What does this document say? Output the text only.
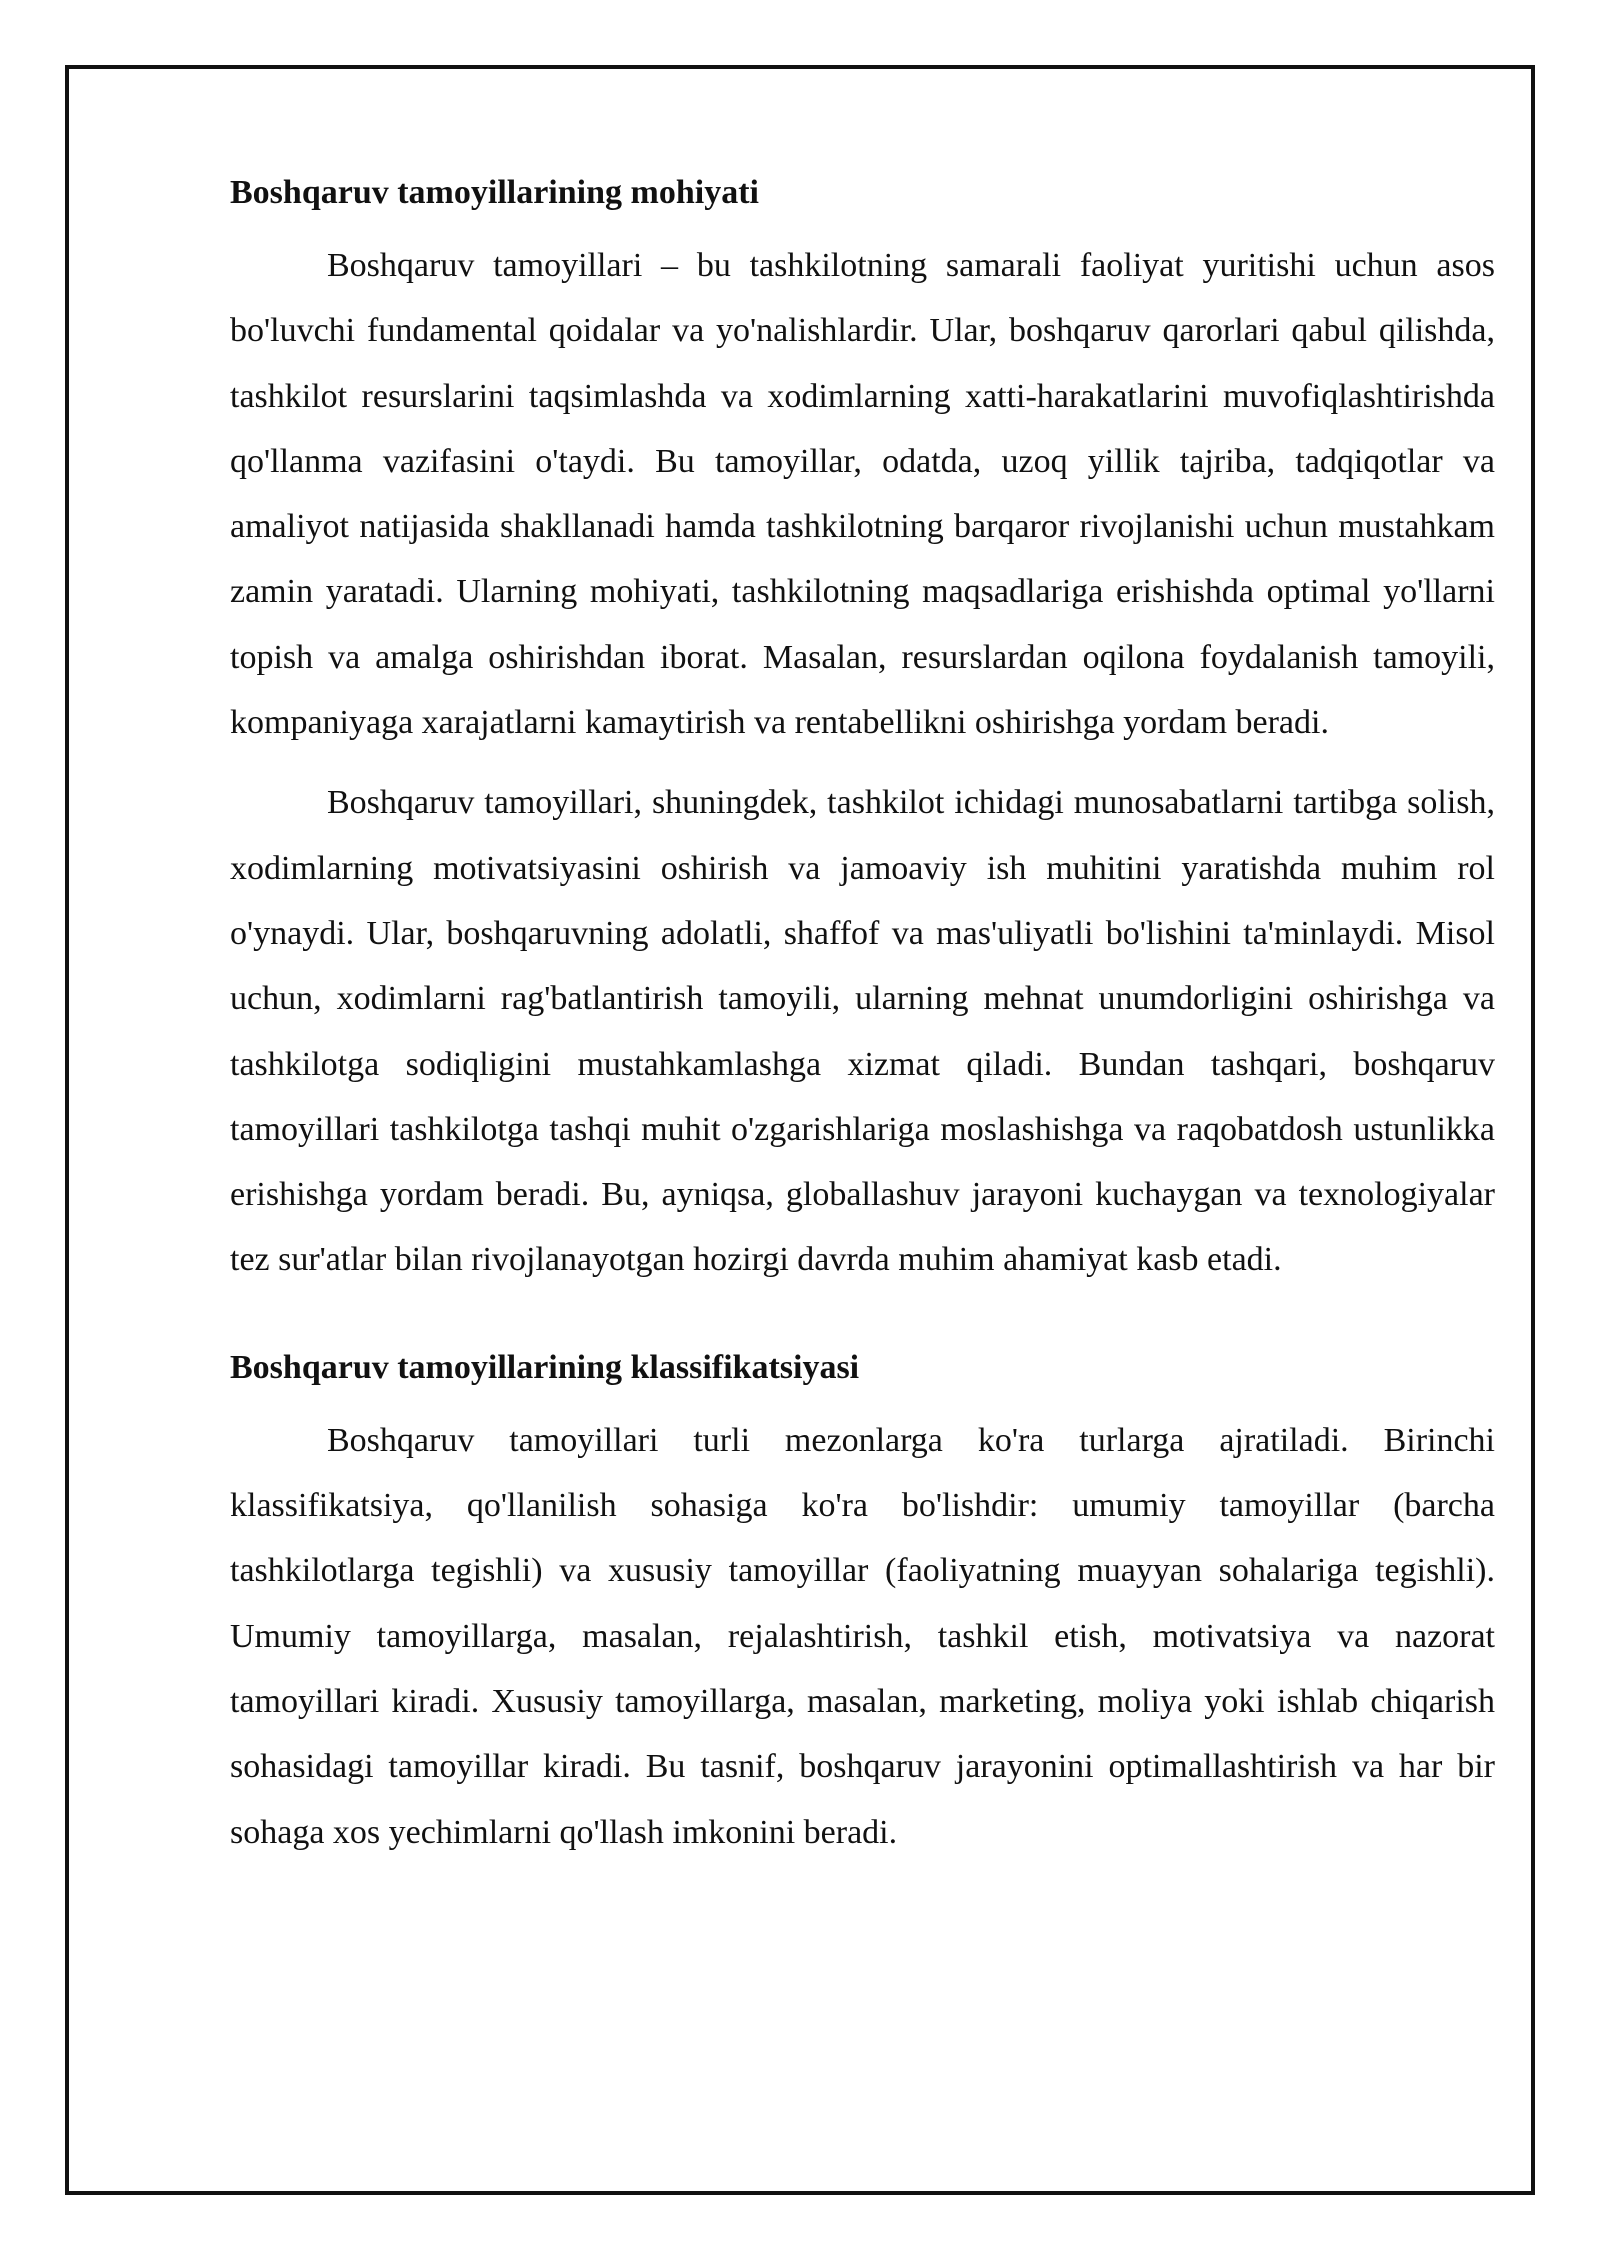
Boshqaruv tamoyillarining mohiyati

Boshqaruv tamoyillari – bu tashkilotning samarali faoliyat yuritishi uchun asos bo'luvchi fundamental qoidalar va yo'nalishlardir. Ular, boshqaruv qarorlari qabul qilishda, tashkilot resurslarini taqsimlashda va xodimlarning xatti-harakatlarini muvofiqlashtirishda qo'llanma vazifasini o'taydi. Bu tamoyillar, odatda, uzoq yillik tajriba, tadqiqotlar va amaliyot natijasida shakllanadi hamda tashkilotning barqaror rivojlanishi uchun mustahkam zamin yaratadi. Ularning mohiyati, tashkilotning maqsadlariga erishishda optimal yo'llarni topish va amalga oshirishdan iborat. Masalan, resurslardan oqilona foydalanish tamoyili, kompaniyaga xarajatlarni kamaytirish va rentabellikni oshirishga yordam beradi.

Boshqaruv tamoyillari, shuningdek, tashkilot ichidagi munosabatlarni tartibga solish, xodimlarning motivatsiyasini oshirish va jamoaviy ish muhitini yaratishda muhim rol o'ynaydi. Ular, boshqaruvning adolatli, shaffof va mas'uliyatli bo'lishini ta'minlaydi. Misol uchun, xodimlarni rag'batlantirish tamoyili, ularning mehnat unumdorligini oshirishga va tashkilotga sodiqligini mustahkamlashga xizmat qiladi. Bundan tashqari, boshqaruv tamoyillari tashkilotga tashqi muhit o'zgarishlariga moslashishga va raqobatdosh ustunlikka erishishga yordam beradi. Bu, ayniqsa, globallashuv jarayoni kuchaygan va texnologiyalar tez sur'atlar bilan rivojlanayotgan hozirgi davrda muhim ahamiyat kasb etadi.

Boshqaruv tamoyillarining klassifikatsiyasi

Boshqaruv tamoyillari turli mezonlarga ko'ra turlarga ajratiladi. Birinchi klassifikatsiya, qo'llanilish sohasiga ko'ra bo'lishdir: umumiy tamoyillar (barcha tashkilotlarga tegishli) va xususiy tamoyillar (faoliyatning muayyan sohalariga tegishli). Umumiy tamoyillarga, masalan, rejalashtirish, tashkil etish, motivatsiya va nazorat tamoyillari kiradi. Xususiy tamoyillarga, masalan, marketing, moliya yoki ishlab chiqarish sohasidagi tamoyillar kiradi. Bu tasnif, boshqaruv jarayonini optimallashtirish va har bir sohaga xos yechimlarni qo'llash imkonini beradi.
